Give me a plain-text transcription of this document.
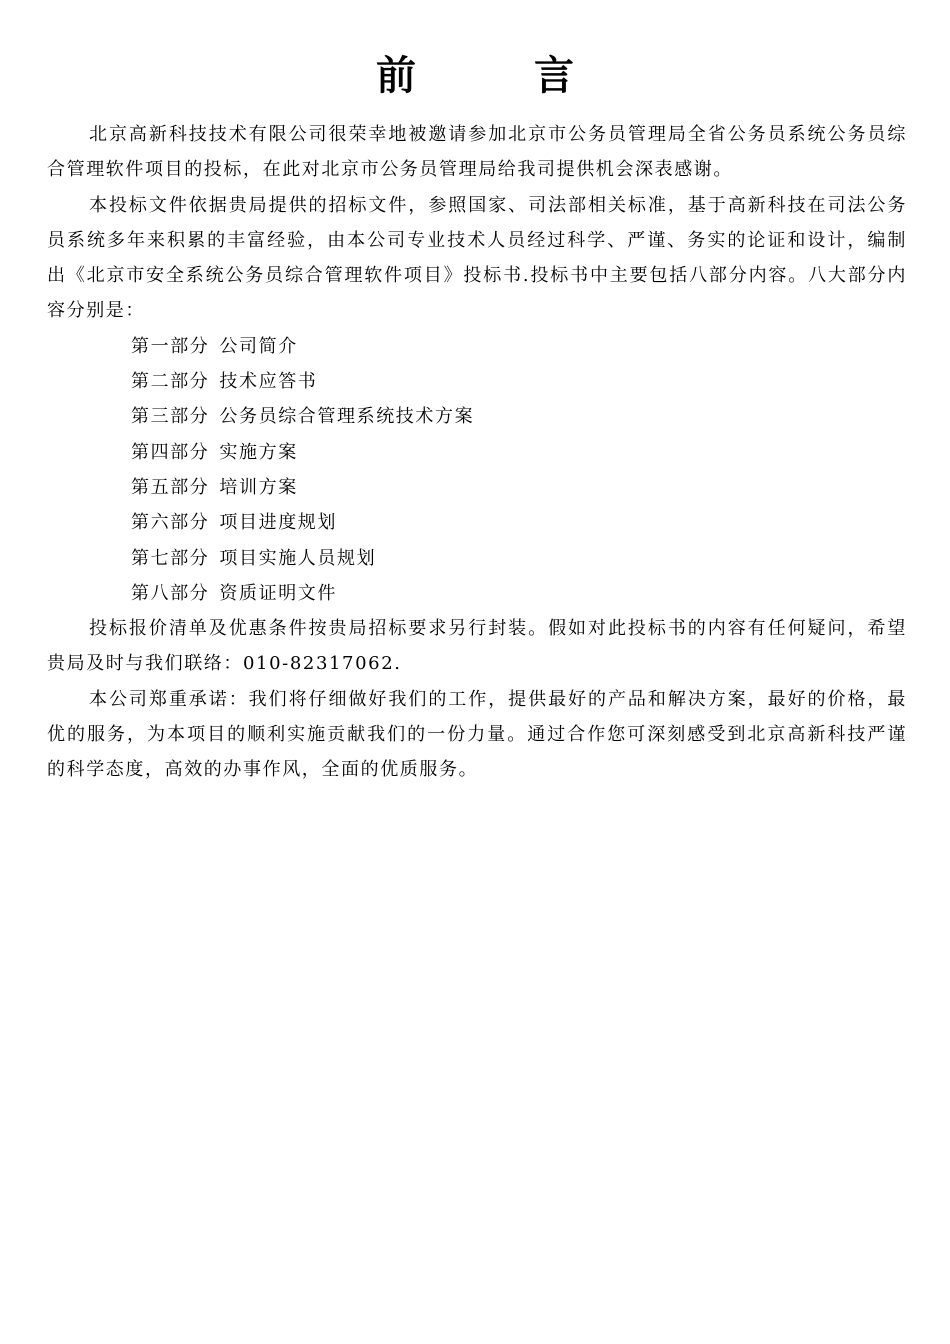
前 言

北京高新科技技术有限公司很荣幸地被邀请参加北京市公务员管理局全省公务员系统公务员综合管理软件项目的投标，在此对北京市公务员管理局给我司提供机会深表感谢。

本投标文件依据贵局提供的招标文件，参照国家、司法部相关标准，基于高新科技在司法公务员系统多年来积累的丰富经验，由本公司专业技术人员经过科学、严谨、务实的论证和设计，编制出《北京市安全系统公务员综合管理软件项目》投标书.投标书中主要包括八部分内容。八大部分内容分别是：

第一部分 公司简介
第二部分 技术应答书
第三部分 公务员综合管理系统技术方案
第四部分 实施方案
第五部分 培训方案
第六部分 项目进度规划
第七部分 项目实施人员规划
第八部分 资质证明文件

投标报价清单及优惠条件按贵局招标要求另行封装。假如对此投标书的内容有任何疑问，希望贵局及时与我们联络：010-82317062.

本公司郑重承诺：我们将仔细做好我们的工作，提供最好的产品和解决方案，最好的价格，最优的服务，为本项目的顺利实施贡献我们的一份力量。通过合作您可深刻感受到北京高新科技严谨的科学态度，高效的办事作风，全面的优质服务。
